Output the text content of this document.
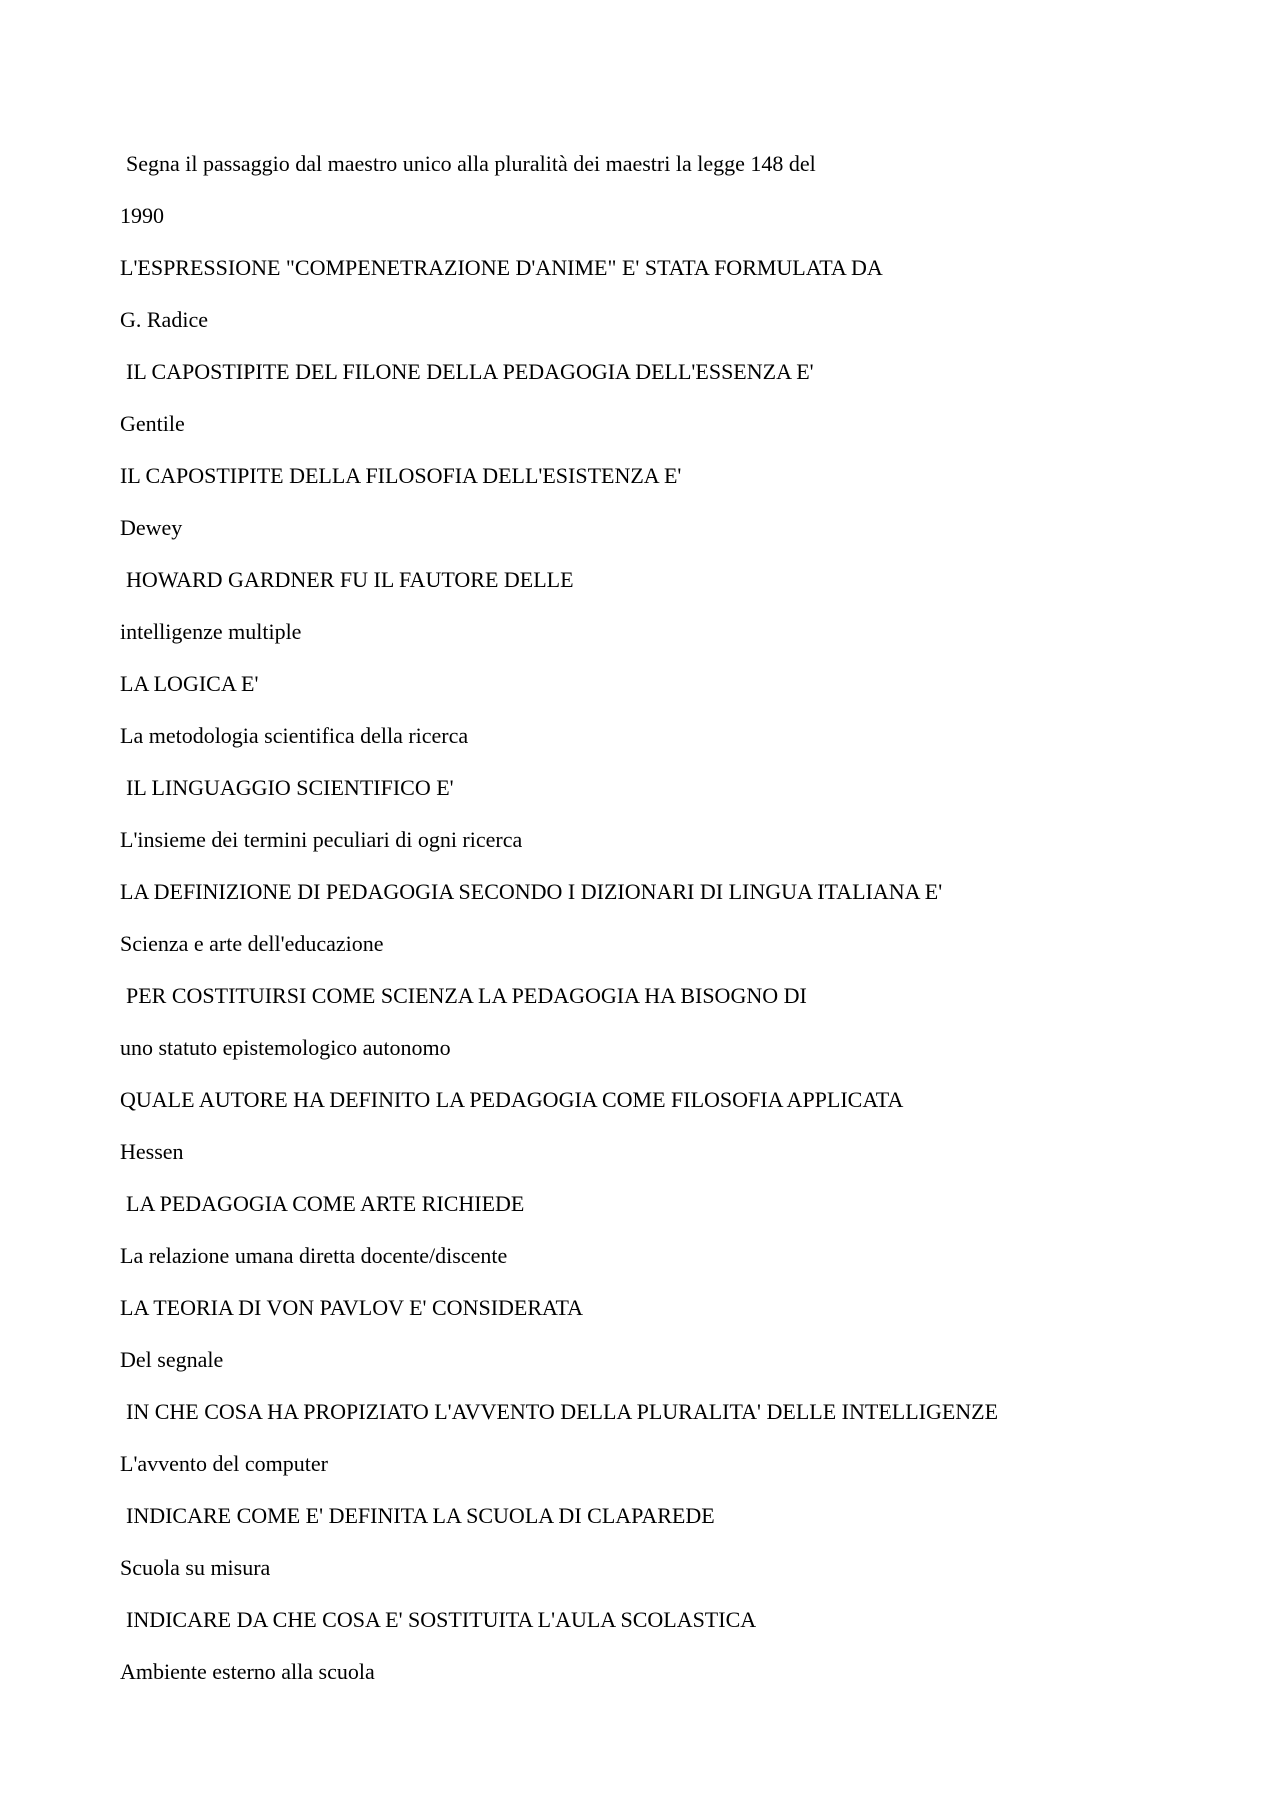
Segna il passaggio dal maestro unico alla pluralità dei maestri la legge 148 del
1990
L'ESPRESSIONE "COMPENETRAZIONE D'ANIME" E' STATA FORMULATA DA
G. Radice
IL CAPOSTIPITE DEL FILONE DELLA PEDAGOGIA DELL'ESSENZA E'
Gentile
IL CAPOSTIPITE DELLA FILOSOFIA DELL'ESISTENZA E'
Dewey
HOWARD GARDNER FU IL FAUTORE DELLE
intelligenze multiple
LA LOGICA E'
La metodologia scientifica della ricerca
IL LINGUAGGIO SCIENTIFICO E'
L'insieme dei termini peculiari di ogni ricerca
LA DEFINIZIONE DI PEDAGOGIA SECONDO I DIZIONARI DI LINGUA ITALIANA E'
Scienza e arte dell'educazione
PER COSTITUIRSI COME SCIENZA LA PEDAGOGIA HA BISOGNO DI
uno statuto epistemologico autonomo
QUALE AUTORE HA DEFINITO LA PEDAGOGIA COME FILOSOFIA APPLICATA
Hessen
LA PEDAGOGIA COME ARTE RICHIEDE
La relazione umana diretta docente/discente
LA TEORIA DI VON PAVLOV E' CONSIDERATA
Del segnale
IN CHE COSA HA PROPIZIATO L'AVVENTO DELLA PLURALITA' DELLE INTELLIGENZE
L'avvento del computer
INDICARE COME E' DEFINITA LA SCUOLA DI CLAPAREDE
Scuola su misura
INDICARE DA CHE COSA E' SOSTITUITA L'AULA SCOLASTICA
Ambiente esterno alla scuola
